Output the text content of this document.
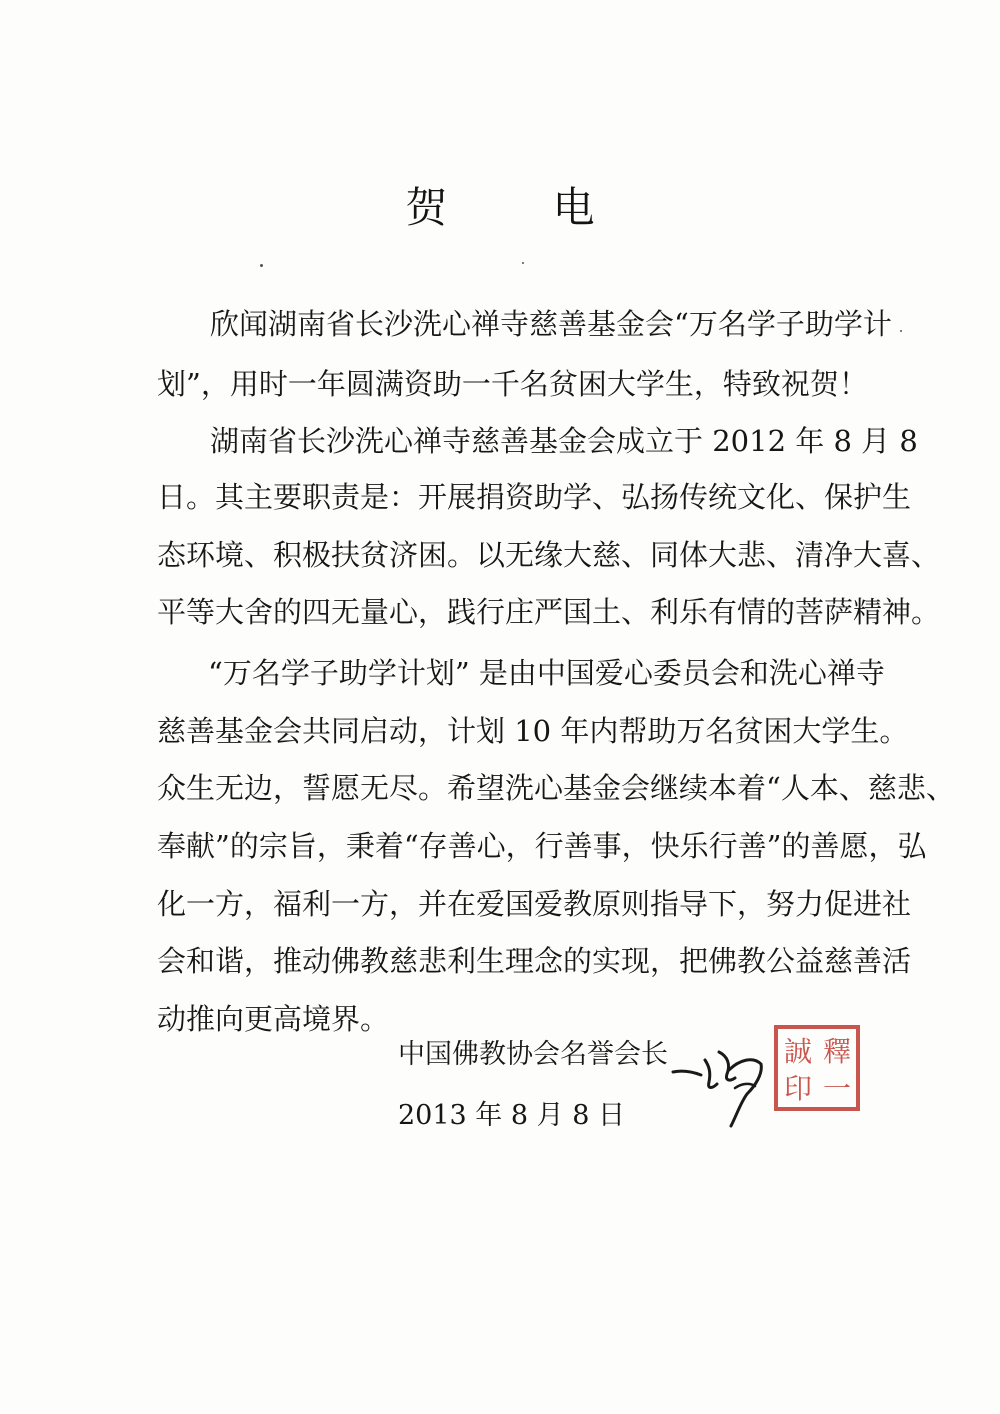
贺 电
欣闻湖南省长沙洗心禅寺慈善基金会“万名学子助学计
划”，用时一年圆满资助一千名贫困大学生，特致祝贺！
湖南省长沙洗心禅寺慈善基金会成立于 2012 年 8 月 8
日。其主要职责是：开展捐资助学、弘扬传统文化、保护生
态环境、积极扶贫济困。以无缘大慈、同体大悲、清净大喜、
平等大舍的四无量心，践行庄严国土、利乐有情的菩萨精神。
“万名学子助学计划” 是由中国爱心委员会和洗心禅寺
慈善基金会共同启动，计划 10 年内帮助万名贫困大学生。
众生无边，誓愿无尽。希望洗心基金会继续本着“人本、慈悲、
奉献”的宗旨，秉着“存善心，行善事，快乐行善”的善愿，弘
化一方，福利一方，并在爱国爱教原则指导下，努力促进社
会和谐，推动佛教慈悲利生理念的实现，把佛教公益慈善活
动推向更高境界。
中国佛教协会名誉会长
2013 年 8 月 8 日
釋
一
誠
印
